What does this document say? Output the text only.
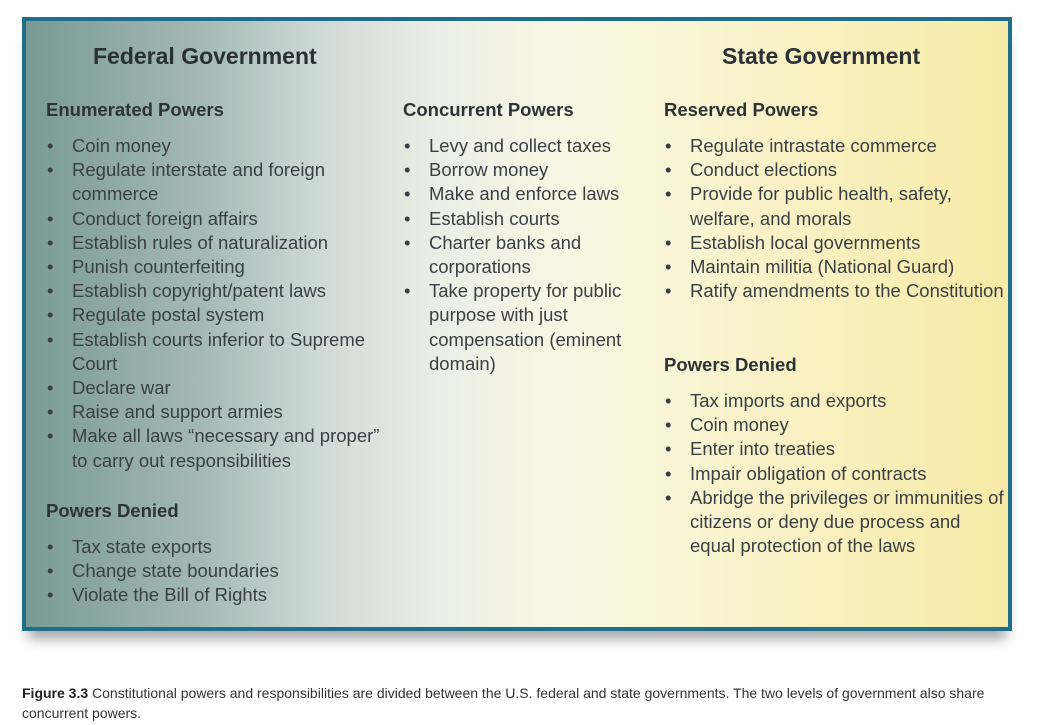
Federal Government	State Government
Enumerated Powers
•	Coin money
•	Regulate interstate and foreign commerce
•	Conduct foreign affairs
•	Establish rules of naturalization
•	Punish counterfeiting
•	Establish copyright/patent laws
•	Regulate postal system
•	Establish courts inferior to Supreme Court
•	Declare war
•	Raise and support armies
•	Make all laws “necessary and proper” to carry out responsibilities
Powers Denied
•	Tax state exports
•	Change state boundaries
•	Violate the Bill of Rights
Concurrent Powers
•	Levy and collect taxes
•	Borrow money
•	Make and enforce laws
•	Establish courts
•	Charter banks and corporations
•	Take property for public purpose with just compensation (eminent domain)
Reserved Powers
•	Regulate intrastate commerce
•	Conduct elections
•	Provide for public health, safety, welfare, and morals
•	Establish local governments
•	Maintain militia (National Guard)
•	Ratify amendments to the Constitution
Powers Denied
•	Tax imports and exports
•	Coin money
•	Enter into treaties
•	Impair obligation of contracts
•	Abridge the privileges or immunities of citizens or deny due process and equal protection of the laws

Figure 3.3 Constitutional powers and responsibilities are divided between the U.S. federal and state governments. The two levels of government also share concurrent powers.
